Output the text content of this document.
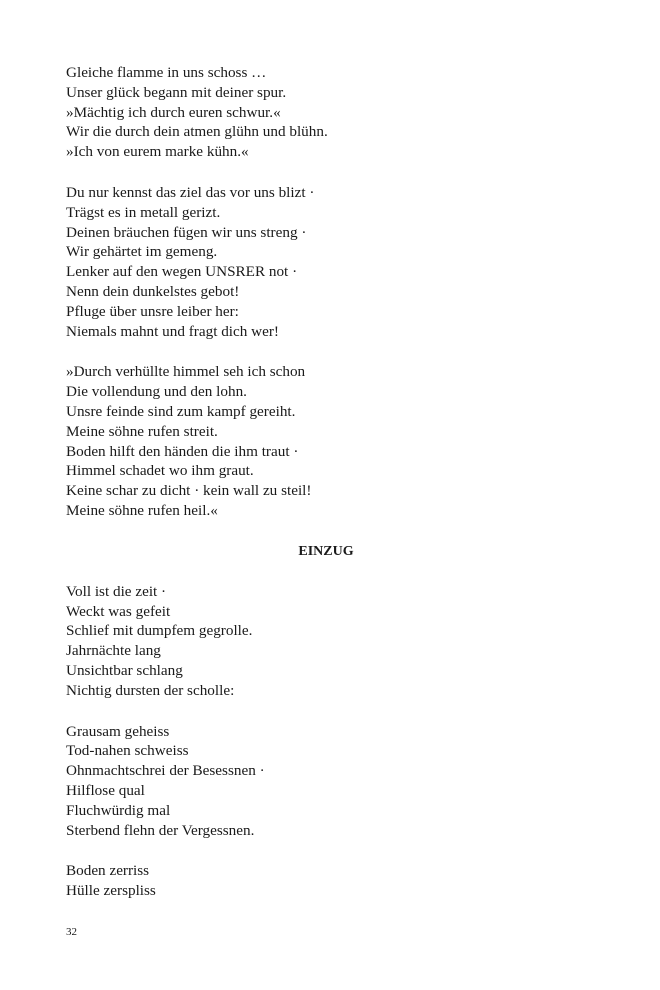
Gleiche flamme in uns schoss …
Unser glück begann mit deiner spur.
»Mächtig ich durch euren schwur.«
Wir die durch dein atmen glühn und blühn.
»Ich von eurem marke kühn.«
Du nur kennst das ziel das vor uns blizt ·
Trägst es in metall gerizt.
Deinen bräuchen fügen wir uns streng ·
Wir gehärtet im gemeng.
Lenker auf den wegen UNSRER not ·
Nenn dein dunkelstes gebot!
Pfluge über unsre leiber her:
Niemals mahnt und fragt dich wer!
»Durch verhüllte himmel seh ich schon
Die vollendung und den lohn.
Unsre feinde sind zum kampf gereiht.
Meine söhne rufen streit.
Boden hilft den händen die ihm traut ·
Himmel schadet wo ihm graut.
Keine schar zu dicht · kein wall zu steil!
Meine söhne rufen heil.«
EINZUG
Voll ist die zeit ·
Weckt was gefeit
Schlief mit dumpfem gegrolle.
Jahrnächte lang
Unsichtbar schlang
Nichtig dursten der scholle:
Grausam geheiss
Tod-nahen schweiss
Ohnmachtschrei der Besessnen ·
Hilflose qual
Fluchwürdig mal
Sterbend flehn der Vergessnen.
Boden zerriss
Hülle zerspliss
32
